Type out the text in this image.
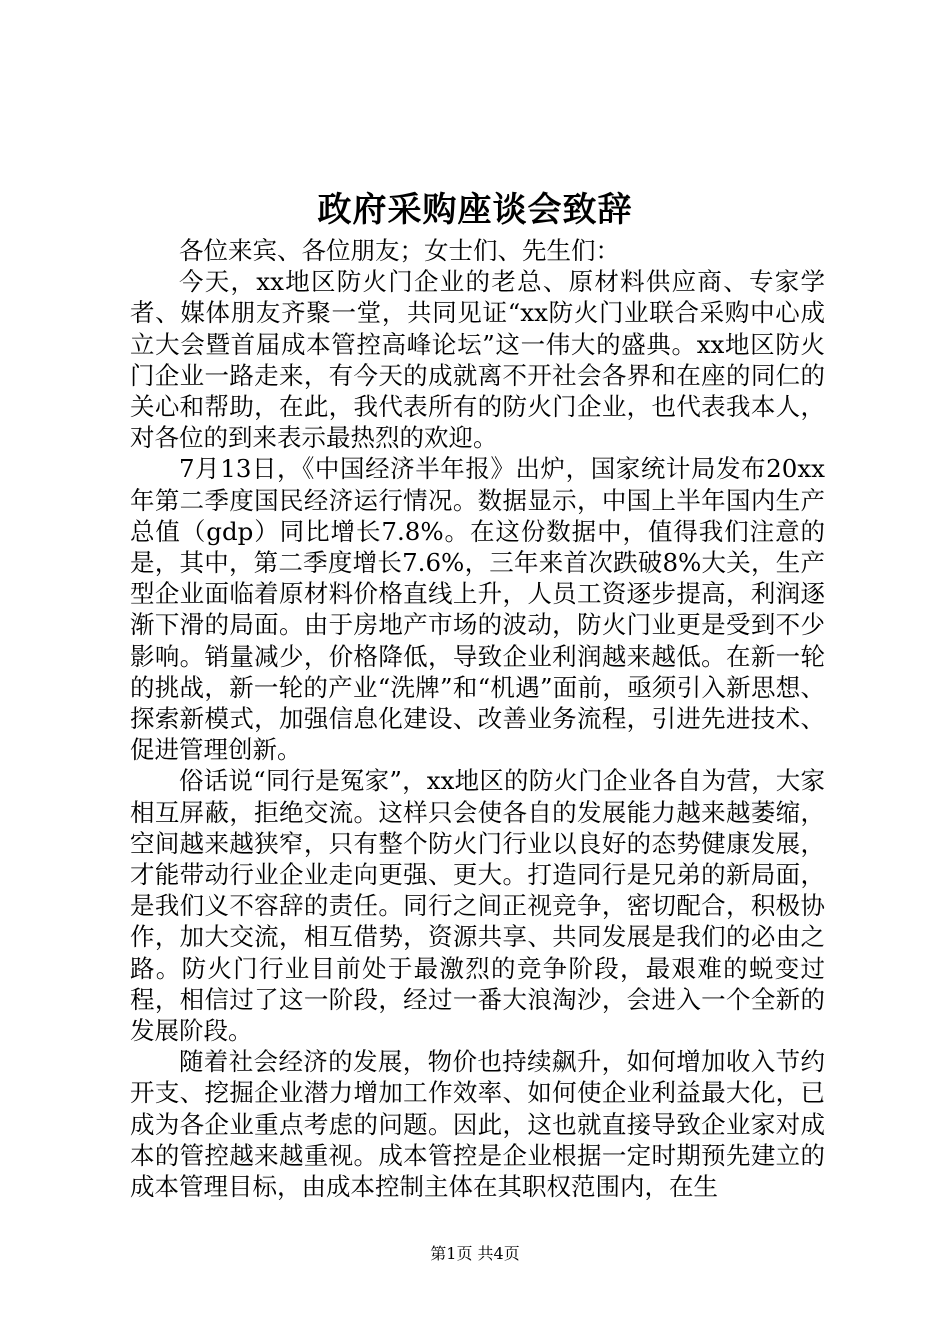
政府采购座谈会致辞

各位来宾、各位朋友；女士们、先生们：

今天，xx地区防火门企业的老总、原材料供应商、专家学者、媒体朋友齐聚一堂，共同见证“xx防火门业联合采购中心成立大会暨首届成本管控高峰论坛”这一伟大的盛典。xx地区防火门企业一路走来，有今天的成就离不开社会各界和在座的同仁的关心和帮助，在此，我代表所有的防火门企业，也代表我本人，对各位的到来表示最热烈的欢迎。

7月13日，《中国经济半年报》出炉，国家统计局发布20xx年第二季度国民经济运行情况。数据显示，中国上半年国内生产总值（gdp）同比增长7.8%。在这份数据中，值得我们注意的是，其中，第二季度增长7.6%，三年来首次跌破8%大关，生产型企业面临着原材料价格直线上升，人员工资逐步提高，利润逐渐下滑的局面。由于房地产市场的波动，防火门业更是受到不少影响。销量减少，价格降低，导致企业利润越来越低。在新一轮的挑战，新一轮的产业“洗牌”和“机遇”面前，亟须引入新思想、探索新模式，加强信息化建设、改善业务流程，引进先进技术、促进管理创新。

俗话说“同行是冤家”，xx地区的防火门企业各自为营，大家相互屏蔽，拒绝交流。这样只会使各自的发展能力越来越萎缩，空间越来越狭窄，只有整个防火门行业以良好的态势健康发展，才能带动行业企业走向更强、更大。打造同行是兄弟的新局面，是我们义不容辞的责任。同行之间正视竞争，密切配合，积极协作，加大交流，相互借势，资源共享、共同发展是我们的必由之路。防火门行业目前处于最激烈的竞争阶段，最艰难的蜕变过程，相信过了这一阶段，经过一番大浪淘沙，会进入一个全新的发展阶段。

随着社会经济的发展，物价也持续飙升，如何增加收入节约开支、挖掘企业潜力增加工作效率、如何使企业利益最大化，已成为各企业重点考虑的问题。因此，这也就直接导致企业家对成本的管控越来越重视。成本管控是企业根据一定时期预先建立的成本管理目标，由成本控制主体在其职权范围内，在生

第1页 共4页
